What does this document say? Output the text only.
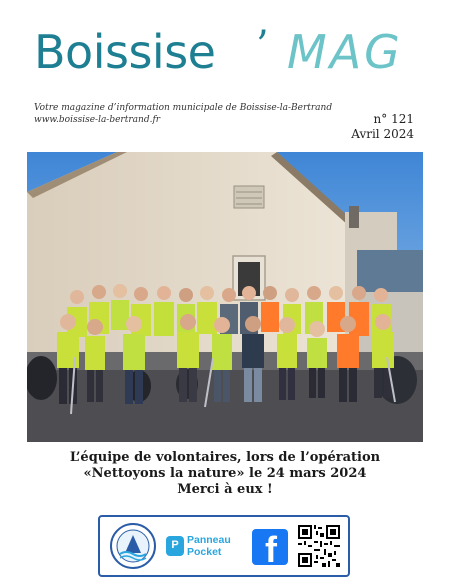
Boissise ’ MAG
Votre magazine d’information municipale de Boissise-la-Bertrand
www.boissise-la-bertrand.fr	n° 121
Avril 2024
L’équipe de volontaires, lors de l’opération
«Nettoyons la nature» le 24 mars 2024
Merci à eux !
P Panneau
Pocket f
